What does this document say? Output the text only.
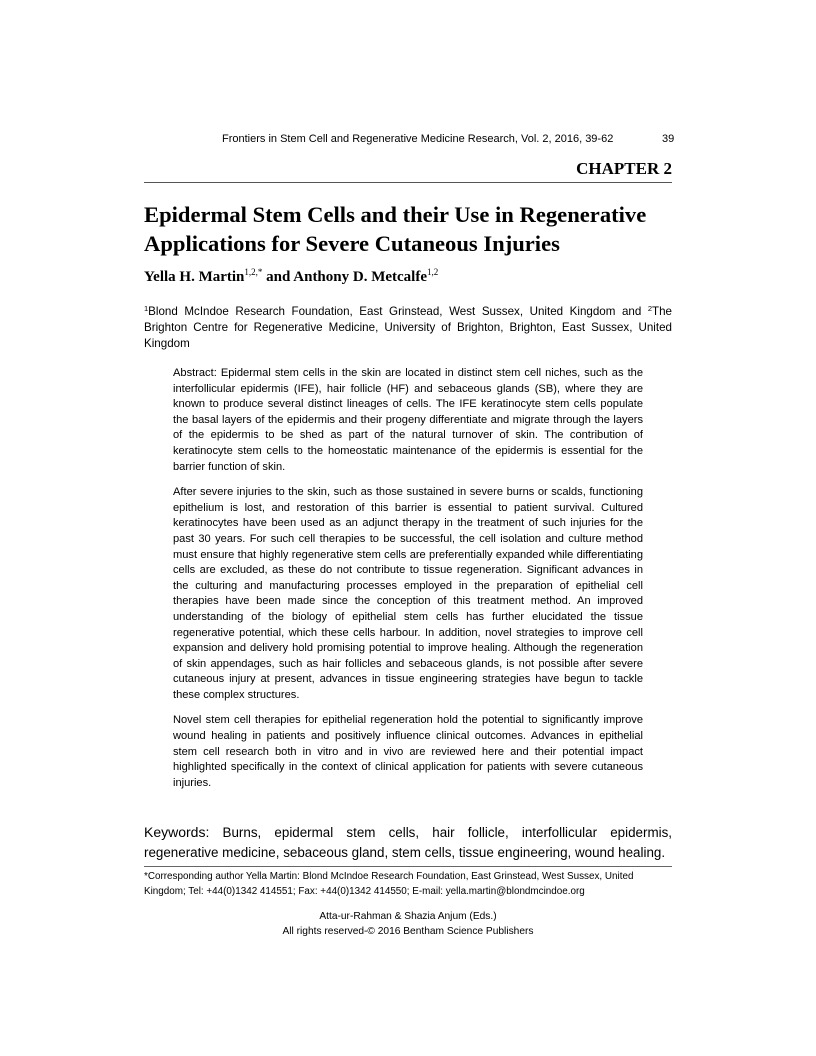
Frontiers in Stem Cell and Regenerative Medicine Research, Vol. 2, 2016, 39-62	39
CHAPTER 2
Epidermal Stem Cells and their Use in Regenerative Applications for Severe Cutaneous Injuries
Yella H. Martin$^{1,2,*}$ and Anthony D. Metcalfe$^{1,2}$
$^1$Blond McIndoe Research Foundation, East Grinstead, West Sussex, United Kingdom and $^2$The Brighton Centre for Regenerative Medicine, University of Brighton, Brighton, East Sussex, United Kingdom

Abstract: Epidermal stem cells in the skin are located in distinct stem cell niches, such as the interfollicular epidermis (IFE), hair follicle (HF) and sebaceous glands (SB), where they are known to produce several distinct lineages of cells. The IFE keratinocyte stem cells populate the basal layers of the epidermis and their progeny differentiate and migrate through the layers of the epidermis to be shed as part of the natural turnover of skin. The contribution of keratinocyte stem cells to the homeostatic maintenance of the epidermis is essential for the barrier function of skin.

After severe injuries to the skin, such as those sustained in severe burns or scalds, functioning epithelium is lost, and restoration of this barrier is essential to patient survival. Cultured keratinocytes have been used as an adjunct therapy in the treatment of such injuries for the past 30 years. For such cell therapies to be successful, the cell isolation and culture method must ensure that highly regenerative stem cells are preferentially expanded while differentiating cells are excluded, as these do not contribute to tissue regeneration. Significant advances in the culturing and manufacturing processes employed in the preparation of epithelial cell therapies have been made since the conception of this treatment method. An improved understanding of the biology of epithelial stem cells has further elucidated the tissue regenerative potential, which these cells harbour. In addition, novel strategies to improve cell expansion and delivery hold promising potential to improve healing. Although the regeneration of skin appendages, such as hair follicles and sebaceous glands, is not possible after severe cutaneous injury at present, advances in tissue engineering strategies have begun to tackle these complex structures.

Novel stem cell therapies for epithelial regeneration hold the potential to significantly improve wound healing in patients and positively influence clinical outcomes. Advances in epithelial stem cell research both in vitro and in vivo are reviewed here and their potential impact highlighted specifically in the context of clinical application for patients with severe cutaneous injuries.

Keywords: Burns, epidermal stem cells, hair follicle, interfollicular epidermis, regenerative medicine, sebaceous gland, stem cells, tissue engineering, wound healing.
*Corresponding author Yella Martin: Blond McIndoe Research Foundation, East Grinstead, West Sussex, United Kingdom; Tel: +44(0)1342 414551; Fax: +44(0)1342 414550; E-mail: yella.martin@blondmcindoe.org
Atta-ur-Rahman & Shazia Anjum (Eds.)
All rights reserved-© 2016 Bentham Science Publishers
